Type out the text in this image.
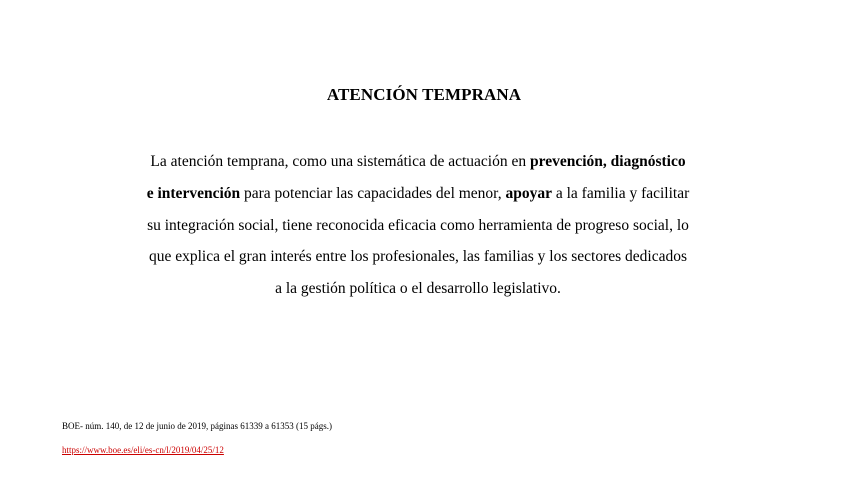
ATENCIÓN TEMPRANA
La atención temprana, como una sistemática de actuación en prevención, diagnóstico
e intervención para potenciar las capacidades del menor, apoyar a la familia y facilitar
su integración social, tiene reconocida eficacia como herramienta de progreso social, lo
que explica el gran interés entre los profesionales, las familias y los sectores dedicados
a la gestión política o el desarrollo legislativo.
BOE- núm. 140, de 12 de junio de 2019, páginas 61339 a 61353 (15 págs.)
https://www.boe.es/eli/es-cn/l/2019/04/25/12
